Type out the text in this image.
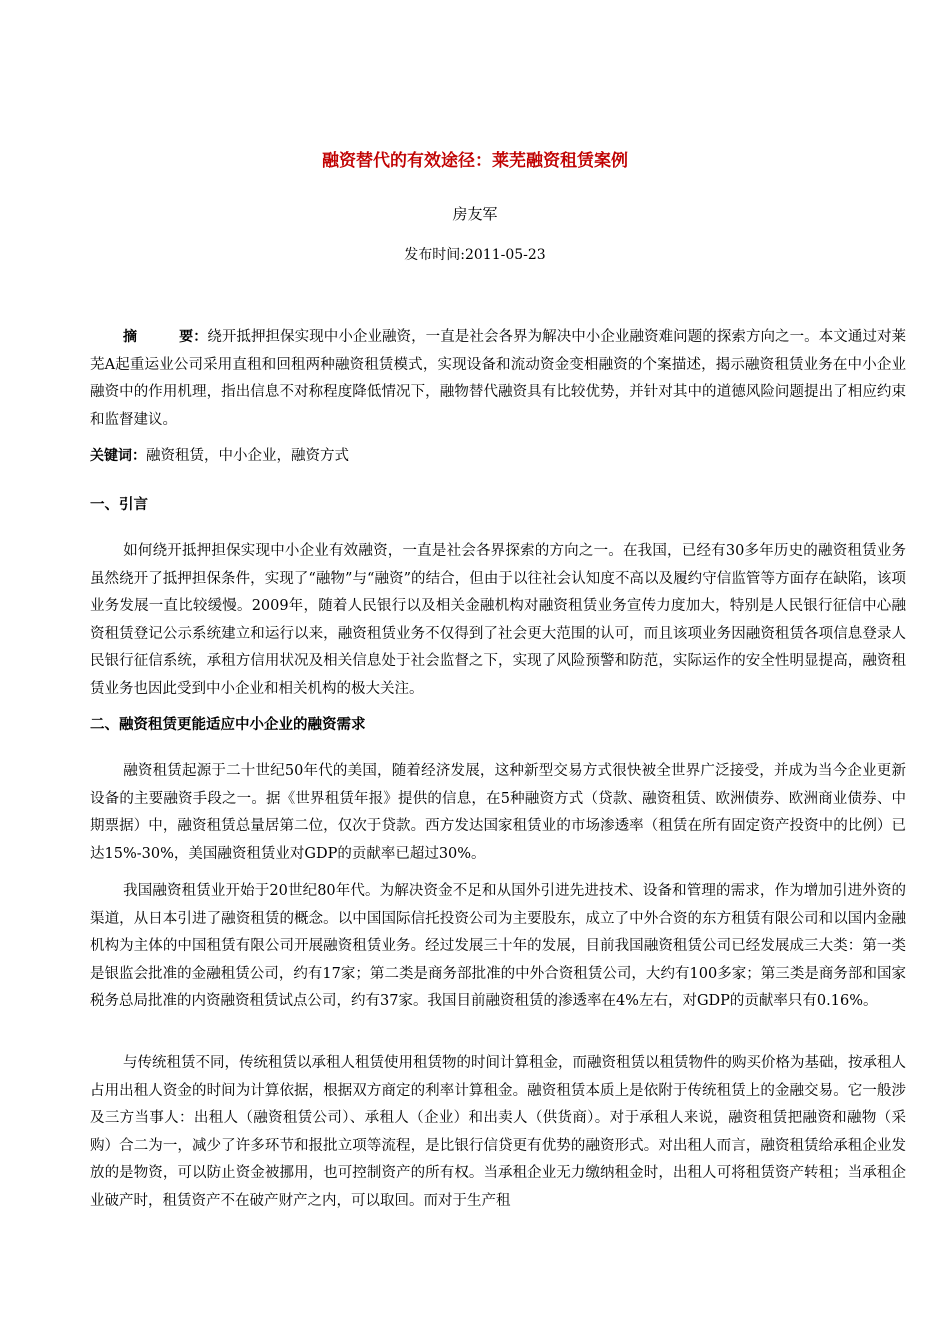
融资替代的有效途径：莱芜融资租赁案例
房友军
发布时间:2011-05-23

摘	要：绕开抵押担保实现中小企业融资，一直是社会各界为解决中小企业融资难问题的探索方向之一。本文通过对莱芜A起重运业公司采用直租和回租两种融资租赁模式，实现设备和流动资金变相融资的个案描述，揭示融资租赁业务在中小企业融资中的作用机理，指出信息不对称程度降低情况下，融物替代融资具有比较优势，并针对其中的道德风险问题提出了相应约束和监督建议。

关键词：融资租赁，中小企业，融资方式

一、引言

如何绕开抵押担保实现中小企业有效融资，一直是社会各界探索的方向之一。在我国，已经有30多年历史的融资租赁业务虽然绕开了抵押担保条件，实现了“融物”与“融资”的结合，但由于以往社会认知度不高以及履约守信监管等方面存在缺陷，该项业务发展一直比较缓慢。2009年，随着人民银行以及相关金融机构对融资租赁业务宣传力度加大，特别是人民银行征信中心融资租赁登记公示系统建立和运行以来，融资租赁业务不仅得到了社会更大范围的认可，而且该项业务因融资租赁各项信息登录人民银行征信系统，承租方信用状况及相关信息处于社会监督之下，实现了风险预警和防范，实际运作的安全性明显提高，融资租赁业务也因此受到中小企业和相关机构的极大关注。

二、融资租赁更能适应中小企业的融资需求

融资租赁起源于二十世纪50年代的美国，随着经济发展，这种新型交易方式很快被全世界广泛接受，并成为当今企业更新设备的主要融资手段之一。据《世界租赁年报》提供的信息，在5种融资方式（贷款、融资租赁、欧洲债券、欧洲商业债券、中期票据）中，融资租赁总量居第二位，仅次于贷款。西方发达国家租赁业的市场渗透率（租赁在所有固定资产投资中的比例）已达15%-30%，美国融资租赁业对GDP的贡献率已超过30%。

我国融资租赁业开始于20世纪80年代。为解决资金不足和从国外引进先进技术、设备和管理的需求，作为增加引进外资的渠道，从日本引进了融资租赁的概念。以中国国际信托投资公司为主要股东，成立了中外合资的东方租赁有限公司和以国内金融机构为主体的中国租赁有限公司开展融资租赁业务。经过发展三十年的发展，目前我国融资租赁公司已经发展成三大类：第一类是银监会批准的金融租赁公司，约有17家；第二类是商务部批准的中外合资租赁公司，大约有100多家；第三类是商务部和国家税务总局批准的内资融资租赁试点公司，约有37家。我国目前融资租赁的渗透率在4%左右，对GDP的贡献率只有0.16%。

与传统租赁不同，传统租赁以承租人租赁使用租赁物的时间计算租金，而融资租赁以租赁物件的购买价格为基础，按承租人占用出租人资金的时间为计算依据，根据双方商定的利率计算租金。融资租赁本质上是依附于传统租赁上的金融交易。它一般涉及三方当事人：出租人（融资租赁公司）、承租人（企业）和出卖人（供货商）。对于承租人来说，融资租赁把融资和融物（采购）合二为一，减少了许多环节和报批立项等流程，是比银行信贷更有优势的融资形式。对出租人而言，融资租赁给承租企业发放的是物资，可以防止资金被挪用，也可控制资产的所有权。当承租企业无力缴纳租金时，出租人可将租赁资产转租；当承租企业破产时，租赁资产不在破产财产之内，可以取回。而对于生产租
